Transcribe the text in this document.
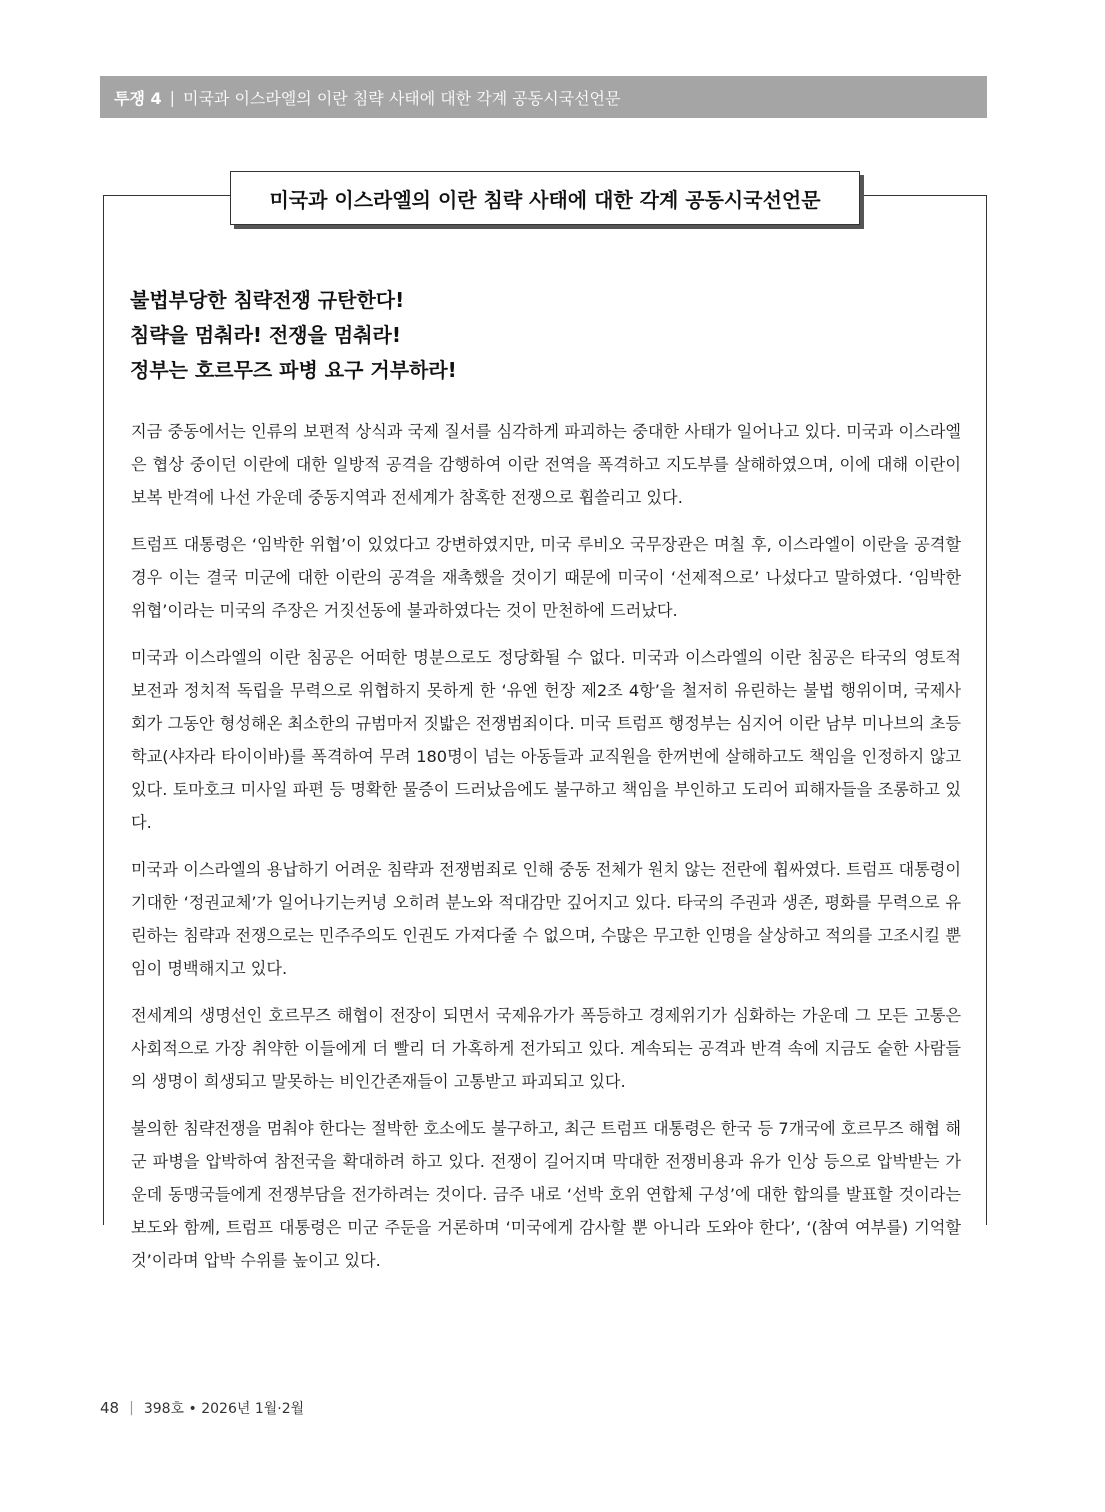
투쟁 4 | 미국과 이스라엘의 이란 침략 사태에 대한 각계 공동시국선언문
미국과 이스라엘의 이란 침략 사태에 대한 각계 공동시국선언문
불법부당한 침략전쟁 규탄한다!
침략을 멈춰라! 전쟁을 멈춰라!
정부는 호르무즈 파병 요구 거부하라!

지금 중동에서는 인류의 보편적 상식과 국제 질서를 심각하게 파괴하는 중대한 사태가 일어나고 있다. 미국과 이스라엘은 협상 중이던 이란에 대한 일방적 공격을 감행하여 이란 전역을 폭격하고 지도부를 살해하였으며, 이에 대해 이란이 보복 반격에 나선 가운데 중동지역과 전세계가 참혹한 전쟁으로 휩쓸리고 있다.

트럼프 대통령은 ‘임박한 위협’이 있었다고 강변하였지만, 미국 루비오 국무장관은 며칠 후, 이스라엘이 이란을 공격할 경우 이는 결국 미군에 대한 이란의 공격을 재촉했을 것이기 때문에 미국이 ‘선제적으로’ 나섰다고 말하였다. ‘임박한 위협’이라는 미국의 주장은 거짓선동에 불과하였다는 것이 만천하에 드러났다.

미국과 이스라엘의 이란 침공은 어떠한 명분으로도 정당화될 수 없다. 미국과 이스라엘의 이란 침공은 타국의 영토적 보전과 정치적 독립을 무력으로 위협하지 못하게 한 ‘유엔 헌장 제2조 4항’을 철저히 유린하는 불법 행위이며, 국제사회가 그동안 형성해온 최소한의 규범마저 짓밟은 전쟁범죄이다. 미국 트럼프 행정부는 심지어 이란 남부 미나브의 초등학교(샤자라 타이이바)를 폭격하여 무려 180명이 넘는 아동들과 교직원을 한꺼번에 살해하고도 책임을 인정하지 않고 있다. 토마호크 미사일 파편 등 명확한 물증이 드러났음에도 불구하고 책임을 부인하고 도리어 피해자들을 조롱하고 있다.

미국과 이스라엘의 용납하기 어려운 침략과 전쟁범죄로 인해 중동 전체가 원치 않는 전란에 휩싸였다. 트럼프 대통령이 기대한 ‘정권교체’가 일어나기는커녕 오히려 분노와 적대감만 깊어지고 있다. 타국의 주권과 생존, 평화를 무력으로 유린하는 침략과 전쟁으로는 민주주의도 인권도 가져다줄 수 없으며, 수많은 무고한 인명을 살상하고 적의를 고조시킬 뿐임이 명백해지고 있다.

전세계의 생명선인 호르무즈 해협이 전장이 되면서 국제유가가 폭등하고 경제위기가 심화하는 가운데 그 모든 고통은 사회적으로 가장 취약한 이들에게 더 빨리 더 가혹하게 전가되고 있다. 계속되는 공격과 반격 속에 지금도 숱한 사람들의 생명이 희생되고 말못하는 비인간존재들이 고통받고 파괴되고 있다.

불의한 침략전쟁을 멈춰야 한다는 절박한 호소에도 불구하고, 최근 트럼프 대통령은 한국 등 7개국에 호르무즈 해협 해군 파병을 압박하여 참전국을 확대하려 하고 있다. 전쟁이 길어지며 막대한 전쟁비용과 유가 인상 등으로 압박받는 가운데 동맹국들에게 전쟁부담을 전가하려는 것이다. 금주 내로 ‘선박 호위 연합체 구성’에 대한 합의를 발표할 것이라는 보도와 함께, 트럼프 대통령은 미군 주둔을 거론하며 ‘미국에게 감사할 뿐 아니라 도와야 한다’, ‘(참여 여부를) 기억할 것’이라며 압박 수위를 높이고 있다.

48 | 398호 • 2026년 1월·2월
